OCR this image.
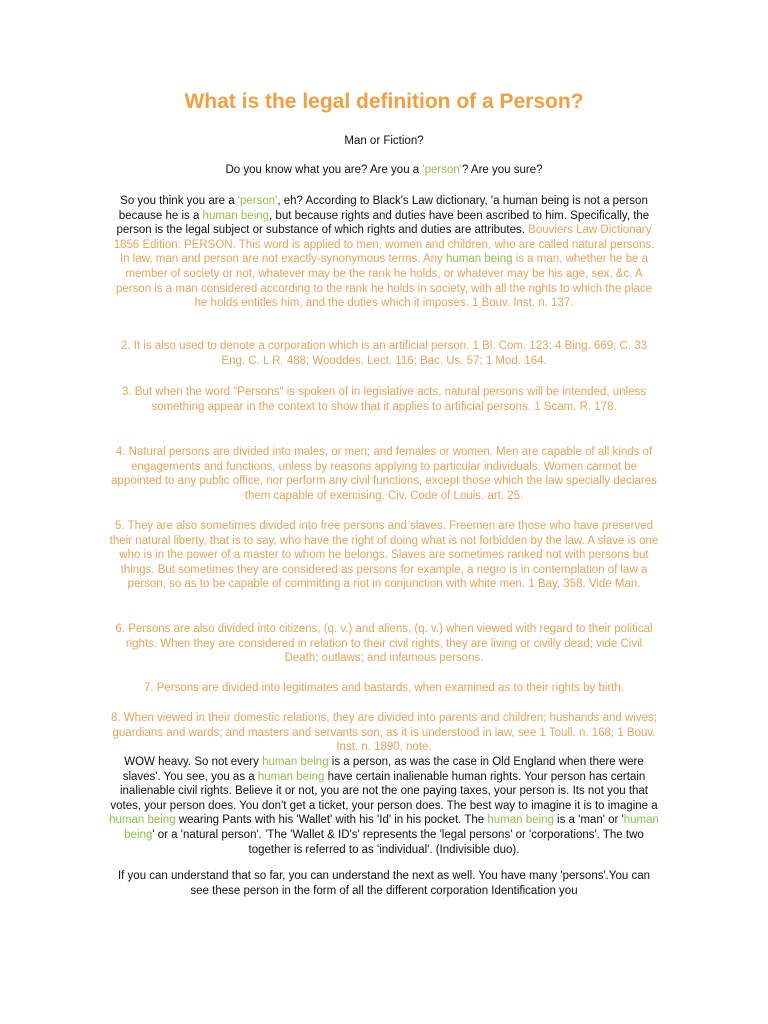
What is the legal definition of a Person?

Man or Fiction?

Do you know what you are? Are you a 'person'? Are you sure?

So you think you are a 'person', eh? According to Black's Law dictionary, 'a human being is not a person because he is a human being, but because rights and duties have been ascribed to him. Specifically, the person is the legal subject or substance of which rights and duties are attributes. Bouviers Law Dictionary 1856 Edition: PERSON. This word is applied to men, women and children, who are called natural persons. In law, man and person are not exactly-synonymous terms. Any human being is a man, whether he be a member of society or not, whatever may be the rank he holds, or whatever may be his age, sex, &c. A person is a man considered according to the rank he holds in society, with all the rights to which the place he holds entitles him, and the duties which it imposes. 1 Bouv. Inst. n. 137.

2. It is also used to denote a corporation which is an artificial person. 1 Bl. Com. 123; 4 Bing. 669; C. 33 Eng. C. L R. 488; Wooddes. Lect. 116; Bac. Us. 57; 1 Mod. 164.

3. But when the word "Persons" is spoken of in legislative acts, natural persons will be intended, unless something appear in the context to show that it applies to artificial persons. 1 Scam. R. 178.

4. Natural persons are divided into males, or men; and females or women. Men are capable of all kinds of engagements and functions, unless by reasons applying to particular individuals. Women cannot be appointed to any public office, nor perform any civil functions, except those which the law specially declares them capable of exercising. Civ. Code of Louis. art. 25.

5. They are also sometimes divided into free persons and slaves. Freemen are those who have preserved their natural liberty, that is to say, who have the right of doing what is not forbidden by the law. A slave is one who is in the power of a master to whom he belongs. Slaves are sometimes ranked not with persons but things. But sometimes they are considered as persons for example, a negro is in contemplation of law a person, so as to be capable of committing a riot in conjunction with white men. 1 Bay, 358. Vide Man.

6. Persons are also divided into citizens, (q. v.) and aliens, (q. v.) when viewed with regard to their political rights. When they are considered in relation to their civil rights, they are living or civilly dead; vide Civil Death; outlaws; and infamous persons.

7. Persons are divided into legitimates and bastards, when examined as to their rights by birth.

8. When viewed in their domestic relations, they are divided into parents and children; hushands and wives; guardians and wards; and masters and servants son, as it is understood in law, see 1 Toull. n. 168; 1 Bouv. Inst. n. 1890, note.

WOW heavy. So not every human being is a person, as was the case in Old England when there were slaves'. You see, you as a human being have certain inalienable human rights. Your person has certain inalienable civil rights. Believe it or not, you are not the one paying taxes, your person is. Its not you that votes, your person does. You don't get a ticket, your person does. The best way to imagine it is to imagine a human being wearing Pants with his 'Wallet' with his 'Id' in his pocket. The human being is a 'man' or 'human being' or a 'natural person'. 'The 'Wallet & ID's' represents the 'legal persons' or 'corporations'. The two together is referred to as 'individual'. (Indivisible duo).

If you can understand that so far, you can understand the next as well. You have many 'persons'.You can see these person in the form of all the different corporation Identification you
